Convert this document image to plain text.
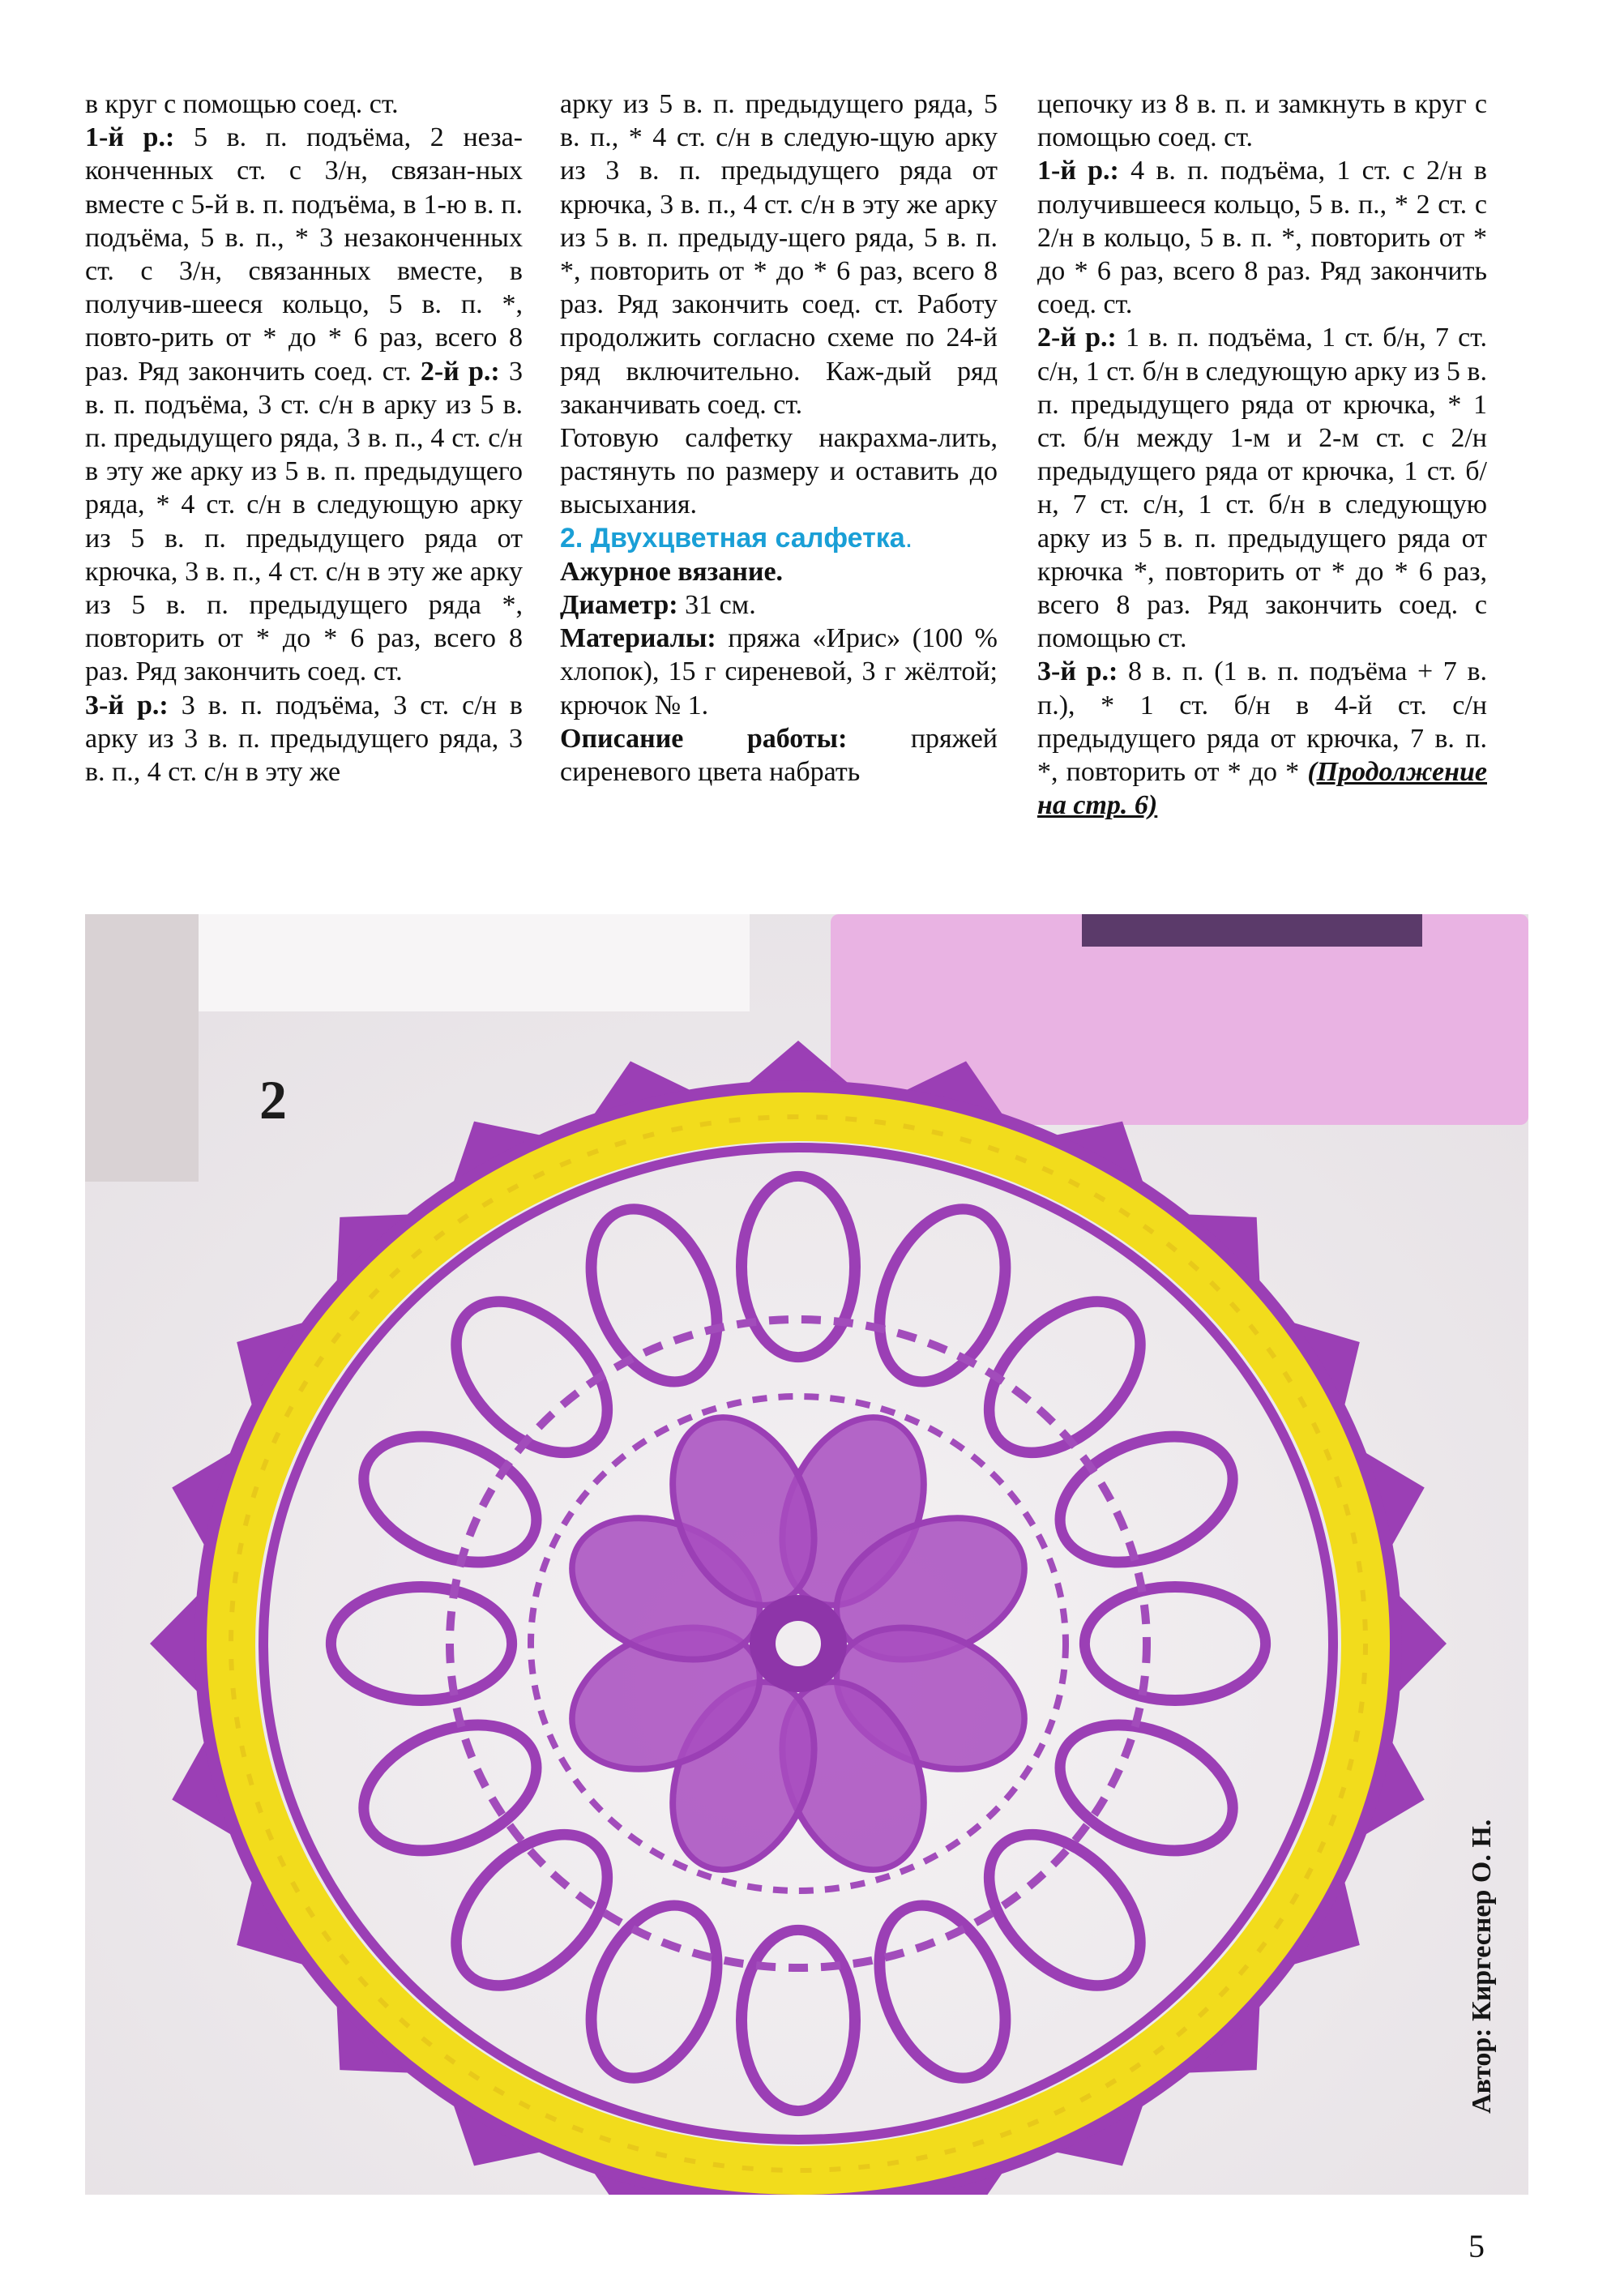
в круг с помощью соед. ст.

1-й р.: 5 в. п. подъёма, 2 неза-конченных ст. с 3/н, связан-ных вместе с 5-й в. п. подъёма, в 1-ю в. п. подъёма, 5 в. п., * 3 незаконченных ст. с 3/н, связанных вместе, в получив-шееся кольцо, 5 в. п. *, повто-рить от * до * 6 раз, всего 8 раз. Ряд закончить соед. ст. 2-й р.: 3 в. п. подъёма, 3 ст. с/н в арку из 5 в. п. предыдущего ряда, 3 в. п., 4 ст. с/н в эту же арку из 5 в. п. предыдущего ряда, * 4 ст. с/н в следующую арку из 5 в. п. предыдущего ряда от крючка, 3 в. п., 4 ст. с/н в эту же арку из 5 в. п. предыдущего ряда *, повторить от * до * 6 раз, всего 8 раз. Ряд закончить соед. ст.

3-й р.: 3 в. п. подъёма, 3 ст. с/н в арку из 3 в. п. предыдущего ряда, 3 в. п., 4 ст. с/н в эту же

арку из 5 в. п. предыдущего ряда, 5 в. п., * 4 ст. с/н в следую-щую арку из 3 в. п. предыдущего ряда от крючка, 3 в. п., 4 ст. с/н в эту же арку из 5 в. п. предыду-щего ряда, 5 в. п. *, повторить от * до * 6 раз, всего 8 раз. Ряд закончить соед. ст. Работу продолжить согласно схеме по 24-й ряд включительно. Каж-дый ряд заканчивать соед. ст.

Готовую салфетку накрахма-лить, растянуть по размеру и оставить до высыхания.

2. Двухцветная салфетка.

Ажурное вязание.

Диаметр: 31 см.

Материалы: пряжа «Ирис» (100 % хлопок), 15 г сиреневой, 3 г жёлтой; крючок № 1.

Описание работы: пряжей сиреневого цвета набрать

цепочку из 8 в. п. и замкнуть в круг с помощью соед. ст.

1-й р.: 4 в. п. подъёма, 1 ст. с 2/н в получившееся кольцо, 5 в. п., * 2 ст. с 2/н в кольцо, 5 в. п. *, повторить от * до * 6 раз, всего 8 раз. Ряд закончить соед. ст.

2-й р.: 1 в. п. подъёма, 1 ст. б/н, 7 ст. с/н, 1 ст. б/н в следующую арку из 5 в. п. предыдущего ряда от крючка, * 1 ст. б/н между 1-м и 2-м ст. с 2/н предыдущего ряда от крючка, 1 ст. б/н, 7 ст. с/н, 1 ст. б/н в следующую арку из 5 в. п. предыдущего ряда от крючка *, повторить от * до * 6 раз, всего 8 раз. Ряд закончить соед. с помощью ст.

3-й р.: 8 в. п. (1 в. п. подъёма + 7 в. п.), * 1 ст. б/н в 4-й ст. с/н предыдущего ряда от крючка, 7 в. п. *, повторить от * до * (Продолжение на стр. 6)

2
Автор: Киргеснер О. Н.
5
